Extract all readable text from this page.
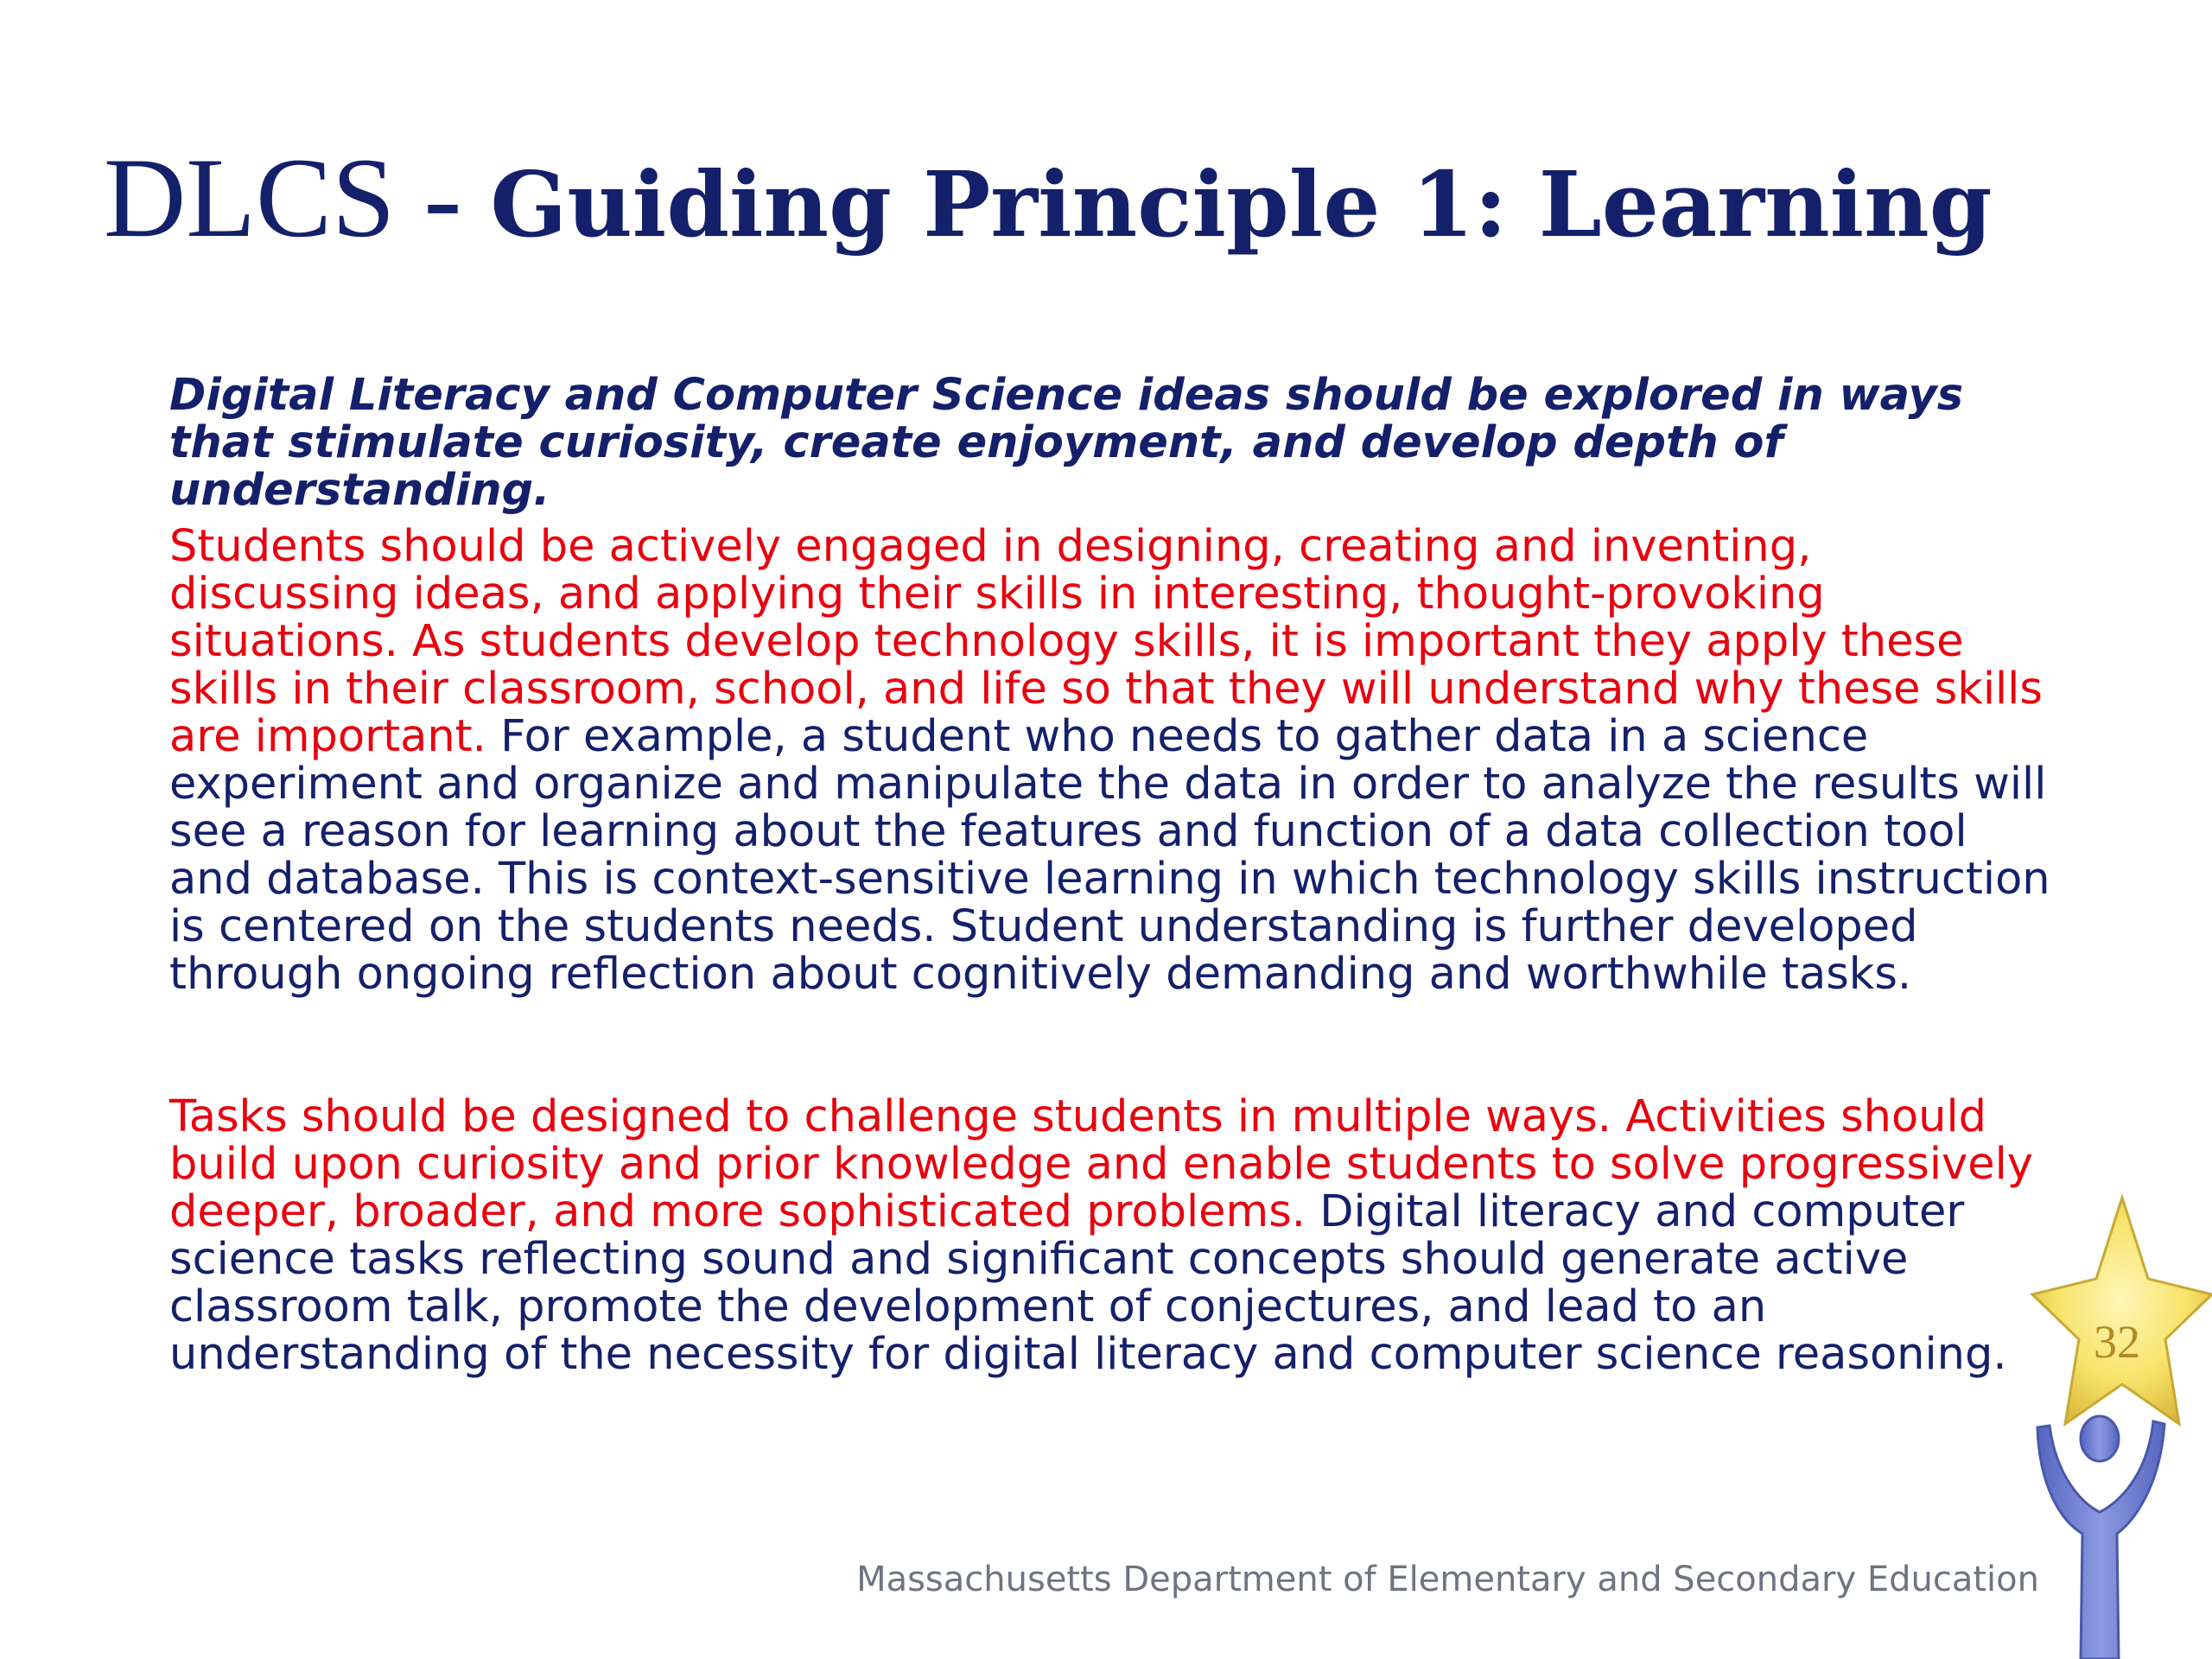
DLCS - Guiding Principle 1: Learning

Digital Literacy and Computer Science ideas should be explored in ways that stimulate curiosity, create enjoyment, and develop depth of understanding.

Students should be actively engaged in designing, creating and inventing, discussing ideas, and applying their skills in interesting, thought-provoking situations. As students develop technology skills, it is important they apply these skills in their classroom, school, and life so that they will understand why these skills are important. For example, a student who needs to gather data in a science experiment and organize and manipulate the data in order to analyze the results will see a reason for learning about the features and function of a data collection tool and database. This is context-sensitive learning in which technology skills instruction is centered on the students needs. Student understanding is further developed through ongoing reflection about cognitively demanding and worthwhile tasks.

Tasks should be designed to challenge students in multiple ways. Activities should build upon curiosity and prior knowledge and enable students to solve progressively deeper, broader, and more sophisticated problems. Digital literacy and computer science tasks reflecting sound and significant concepts should generate active classroom talk, promote the development of conjectures, and lead to an understanding of the necessity for digital literacy and computer science reasoning.	32
Massachusetts Department of Elementary and Secondary Education
